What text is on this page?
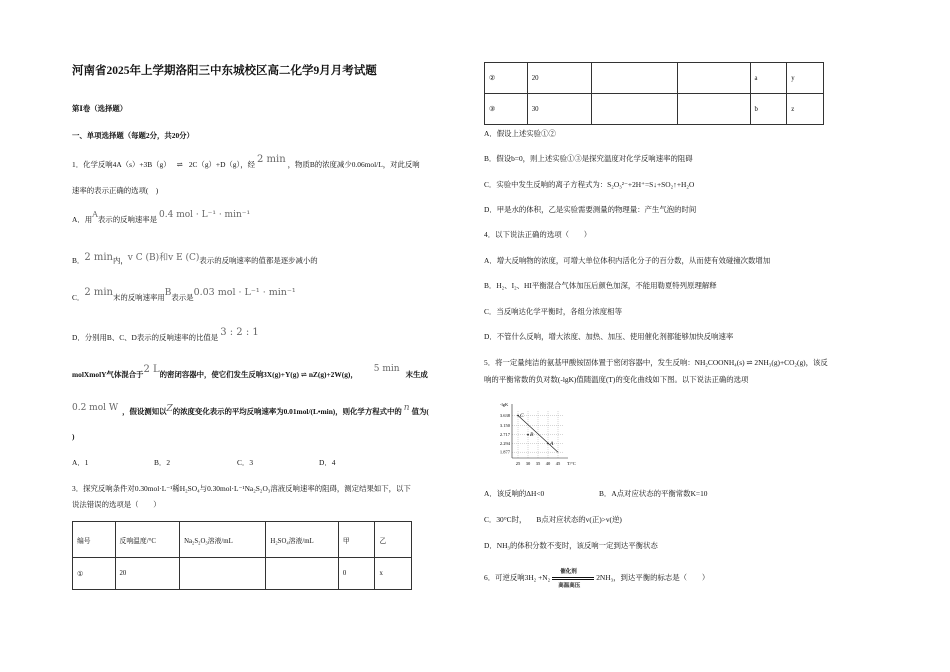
河南省2025年上学期洛阳三中东城校区高二化学9月月考试题
第Ⅰ卷（选择题）
一、单项选择题（每题2分，共20分）
1．化学反响4A（s）+3B（g） ⇌ 2C（g）+D（g），经 2 min ，物质B的浓度减少0.06mol/L，对此反响
速率的表示正确的选项(　)
A．用A表示的反响速率是 0.4 mol · L⁻¹ · min⁻¹
B．2 min内，v C (B)和v E (C)表示的反响速率的值都是逐步减小的
C．2 min末的反响速率用B表示是0.03 mol · L⁻¹ · min⁻¹
D．分别用B、C、D表示的反响速率的比值是 3 : 2 : 1
molXmolY气体混合于2 L的密闭容器中，使它们发生反响3X(g)+Y(g) ⇌ nZ(g)+2W(g)，5 min末生成
0.2 mol W ，假设测知以Z的浓度变化表示的平均反响速率为0.01mol/(L•min)，则化学方程式中的 n 值为(
)
A．1	B．2	C．3	D．4
3．探究反响条件对0.30mol·L⁻¹稀H₂SO₄与0.30mol·L⁻¹Na₂S₂O₃溶液反响速率的阻碍，测定结果如下，以下
说法错误的选项是（　　）
编号	反响温度/°C	Na₂S₂O₃溶液/mL	H₂SO₄溶液/mL	甲	乙
①	20			0	x
②	20			a	y
③	30			b	z
A．假设上述实验①②
B．假设b=0，则上述实验①③是探究温度对化学反响速率的阻碍
C．实验中发生反响的离子方程式为：S₂O₃²⁻+2H⁺=S↓+SO₂↑+H₂O
D．甲是水的体积，乙是实验需要测量的物理量：产生气泡的时间
4．以下说法正确的选项（　　）
A．增大反响物的浓度，可增大单位体积内活化分子的百分数，从而使有效碰撞次数增加
B．H₂、I₂、HI平衡混合气体加压后颜色加深，不能用勒夏特列原理解释
C．当反响达化学平衡时，各组分浓度相等
D．不管什么反响，增大浓度、加热、加压、使用催化剂都能够加快反响速率
5．将一定量纯洁的氨基甲酸铵固体置于密闭容器中，发生反响：NH₂COONH₄(s) ⇌ 2NH₃(g)+CO₂(g)，该反
响的平衡常数的负对数(-lgK)值随温度(T)的变化曲线如下图。以下说法正确的选项
25 30 35 40 45
3.638
3.150
2.717
2.294
1.877
-lgK
T/°C
C
B
A
A．该反响的ΔH<0	B．A点对应状态的平衡常数K=10
C．30°C时， B点对应状态的v(正)>v(逆)
D．NH₃的体积分数不变时，该反响一定到达平衡状态
6．可逆反响3H₂ +N₂
催化剂
高温高压
2NH₃，到达平衡的标志是（　　）
